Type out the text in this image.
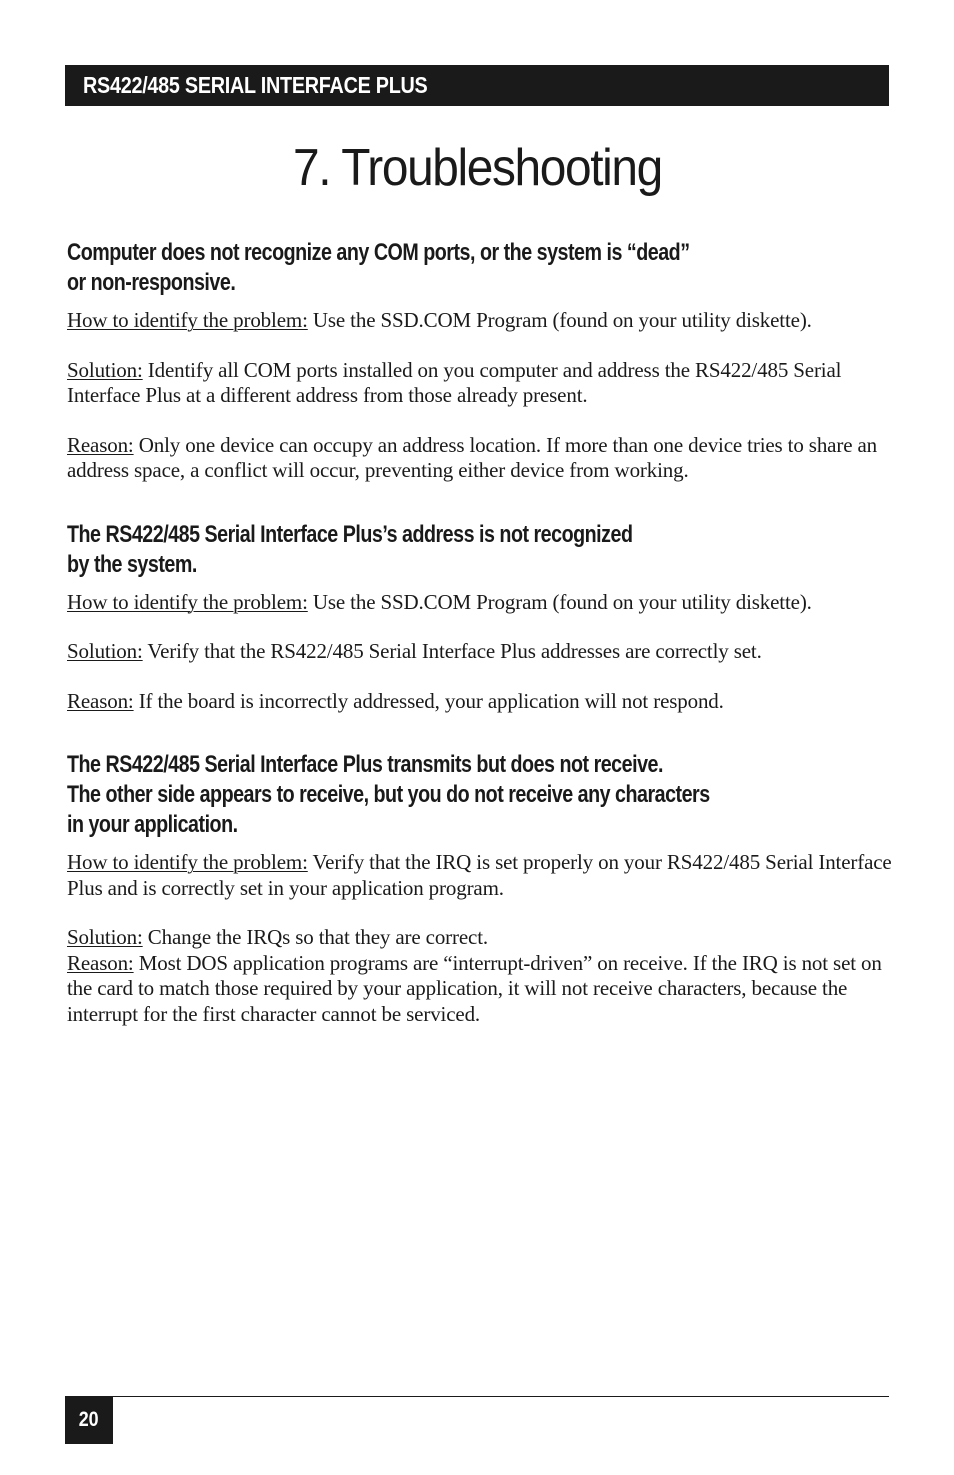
RS422/485 SERIAL INTERFACE PLUS
7. Troubleshooting
Computer does not recognize any COM ports, or the system is “dead”
or non-responsive.

How to identify the problem: Use the SSD.COM Program (found on your utility diskette).

Solution: Identify all COM ports installed on you computer and address the RS422/485 Serial Interface Plus at a different address from those already present.

Reason: Only one device can occupy an address location. If more than one device tries to share an address space, a conflict will occur, preventing either device from working.

The RS422/485 Serial Interface Plus’s address is not recognized
by the system.

How to identify the problem: Use the SSD.COM Program (found on your utility diskette).

Solution: Verify that the RS422/485 Serial Interface Plus addresses are correctly set.

Reason: If the board is incorrectly addressed, your application will not respond.

The RS422/485 Serial Interface Plus transmits but does not receive.
The other side appears to receive, but you do not receive any characters
in your application.

How to identify the problem: Verify that the IRQ is set properly on your RS422/485 Serial Interface Plus and is correctly set in your application program.

Solution: Change the IRQs so that they are correct.

Reason: Most DOS application programs are “interrupt-driven” on receive. If the IRQ is not set on the card to match those required by your application, it will not receive characters, because the interrupt for the first character cannot be serviced.

20
